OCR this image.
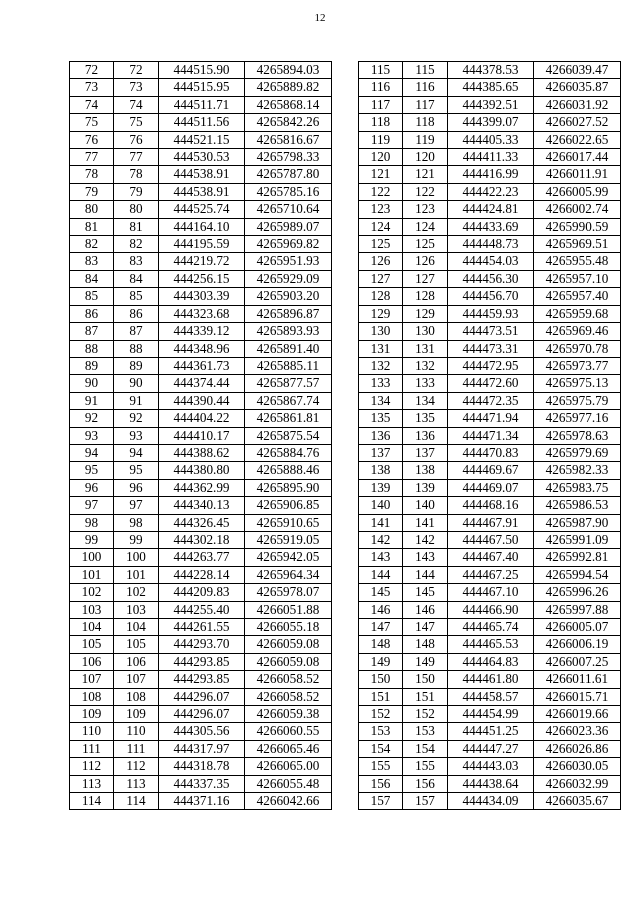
12
72	72	444515.90	4265894.03
73	73	444515.95	4265889.82
74	74	444511.71	4265868.14
75	75	444511.56	4265842.26
76	76	444521.15	4265816.67
77	77	444530.53	4265798.33
78	78	444538.91	4265787.80
79	79	444538.91	4265785.16
80	80	444525.74	4265710.64
81	81	444164.10	4265989.07
82	82	444195.59	4265969.82
83	83	444219.72	4265951.93
84	84	444256.15	4265929.09
85	85	444303.39	4265903.20
86	86	444323.68	4265896.87
87	87	444339.12	4265893.93
88	88	444348.96	4265891.40
89	89	444361.73	4265885.11
90	90	444374.44	4265877.57
91	91	444390.44	4265867.74
92	92	444404.22	4265861.81
93	93	444410.17	4265875.54
94	94	444388.62	4265884.76
95	95	444380.80	4265888.46
96	96	444362.99	4265895.90
97	97	444340.13	4265906.85
98	98	444326.45	4265910.65
99	99	444302.18	4265919.05
100	100	444263.77	4265942.05
101	101	444228.14	4265964.34
102	102	444209.83	4265978.07
103	103	444255.40	4266051.88
104	104	444261.55	4266055.18
105	105	444293.70	4266059.08
106	106	444293.85	4266059.08
107	107	444293.85	4266058.52
108	108	444296.07	4266058.52
109	109	444296.07	4266059.38
110	110	444305.56	4266060.55
111	111	444317.97	4266065.46
112	112	444318.78	4266065.00
113	113	444337.35	4266055.48
114	114	444371.16	4266042.66
115	115	444378.53	4266039.47
116	116	444385.65	4266035.87
117	117	444392.51	4266031.92
118	118	444399.07	4266027.52
119	119	444405.33	4266022.65
120	120	444411.33	4266017.44
121	121	444416.99	4266011.91
122	122	444422.23	4266005.99
123	123	444424.81	4266002.74
124	124	444433.69	4265990.59
125	125	444448.73	4265969.51
126	126	444454.03	4265955.48
127	127	444456.30	4265957.10
128	128	444456.70	4265957.40
129	129	444459.93	4265959.68
130	130	444473.51	4265969.46
131	131	444473.31	4265970.78
132	132	444472.95	4265973.77
133	133	444472.60	4265975.13
134	134	444472.35	4265975.79
135	135	444471.94	4265977.16
136	136	444471.34	4265978.63
137	137	444470.83	4265979.69
138	138	444469.67	4265982.33
139	139	444469.07	4265983.75
140	140	444468.16	4265986.53
141	141	444467.91	4265987.90
142	142	444467.50	4265991.09
143	143	444467.40	4265992.81
144	144	444467.25	4265994.54
145	145	444467.10	4265996.26
146	146	444466.90	4265997.88
147	147	444465.74	4266005.07
148	148	444465.53	4266006.19
149	149	444464.83	4266007.25
150	150	444461.80	4266011.61
151	151	444458.57	4266015.71
152	152	444454.99	4266019.66
153	153	444451.25	4266023.36
154	154	444447.27	4266026.86
155	155	444443.03	4266030.05
156	156	444438.64	4266032.99
157	157	444434.09	4266035.67
